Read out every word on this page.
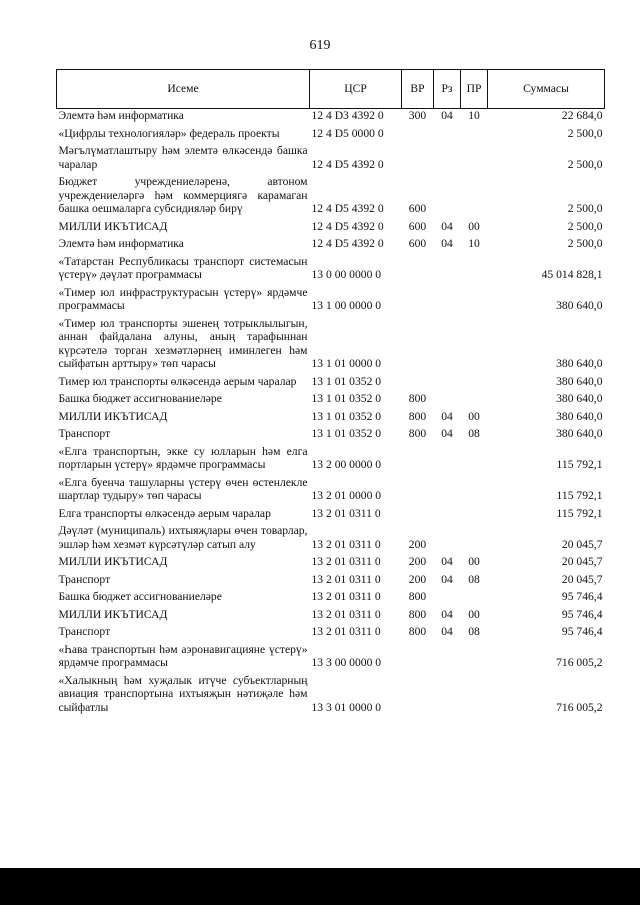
619
Исеме	ЦСР	ВР	Рз	ПР	Суммасы
Элемтә һәм информатика	12 4 D3 4392 0	300	04	10	22 684,0

«Цифрлы технологияләр» федераль проекты	12 4 D5 0000 0				2 500,0

Мәгълүматлаштыру һәм элемтә өлкәсендә башка чаралар	12 4 D5 4392 0				2 500,0

Бюджет учреждениеләренә, автоном учреждениеләргә һәм коммерциягә карамаган башка оешмаларга субсидияләр бирү	12 4 D5 4392 0	600			2 500,0

МИЛЛИ ИКЪТИСАД	12 4 D5 4392 0	600	04	00	2 500,0

Элемтә һәм информатика	12 4 D5 4392 0	600	04	10	2 500,0

«Татарстан Республикасы транспорт системасын үстерү» дәүләт программасы	13 0 00 0000 0				45 014 828,1

«Тимер юл инфраструктурасын үстерү» ярдәмче программасы	13 1 00 0000 0				380 640,0

«Тимер юл транспорты эшенең тотрыклылыгын, аннан файдалана алуны, аның тарафыннан күрсәтелә торган хезмәтләрнең иминлеген һәм сыйфатын арттыру» төп чарасы	13 1 01 0000 0				380 640,0

Тимер юл транспорты өлкәсендә аерым чаралар	13 1 01 0352 0				380 640,0

Башка бюджет ассигнованиеләре	13 1 01 0352 0	800			380 640,0

МИЛЛИ ИКЪТИСАД	13 1 01 0352 0	800	04	00	380 640,0

Транспорт	13 1 01 0352 0	800	04	08	380 640,0

«Елга транспортын, экке су юлларын һәм елга портларын үстерү» ярдәмче программасы	13 2 00 0000 0				115 792,1

«Елга буенча ташуларны үстерү өчен өстенлекле шартлар тудыру» төп чарасы	13 2 01 0000 0				115 792,1

Елга транспорты өлкәсендә аерым чаралар	13 2 01 0311 0				115 792,1

Дәүләт (муниципаль) ихтыяҗлары өчен товарлар, эшләр һәм хезмәт күрсәтүләр сатып алу	13 2 01 0311 0	200			20 045,7

МИЛЛИ ИКЪТИСАД	13 2 01 0311 0	200	04	00	20 045,7

Транспорт	13 2 01 0311 0	200	04	08	20 045,7

Башка бюджет ассигнованиеләре	13 2 01 0311 0	800			95 746,4

МИЛЛИ ИКЪТИСАД	13 2 01 0311 0	800	04	00	95 746,4

Транспорт	13 2 01 0311 0	800	04	08	95 746,4

«Һава транспортын һәм аэронавигацияне үстерү» ярдәмче программасы	13 3 00 0000 0				716 005,2

«Халыкның һәм хуҗалык итүче субъектларның авиация транспортына ихтыяҗын нәтиҗәле һәм сыйфатлы	13 3 01 0000 0				716 005,2
